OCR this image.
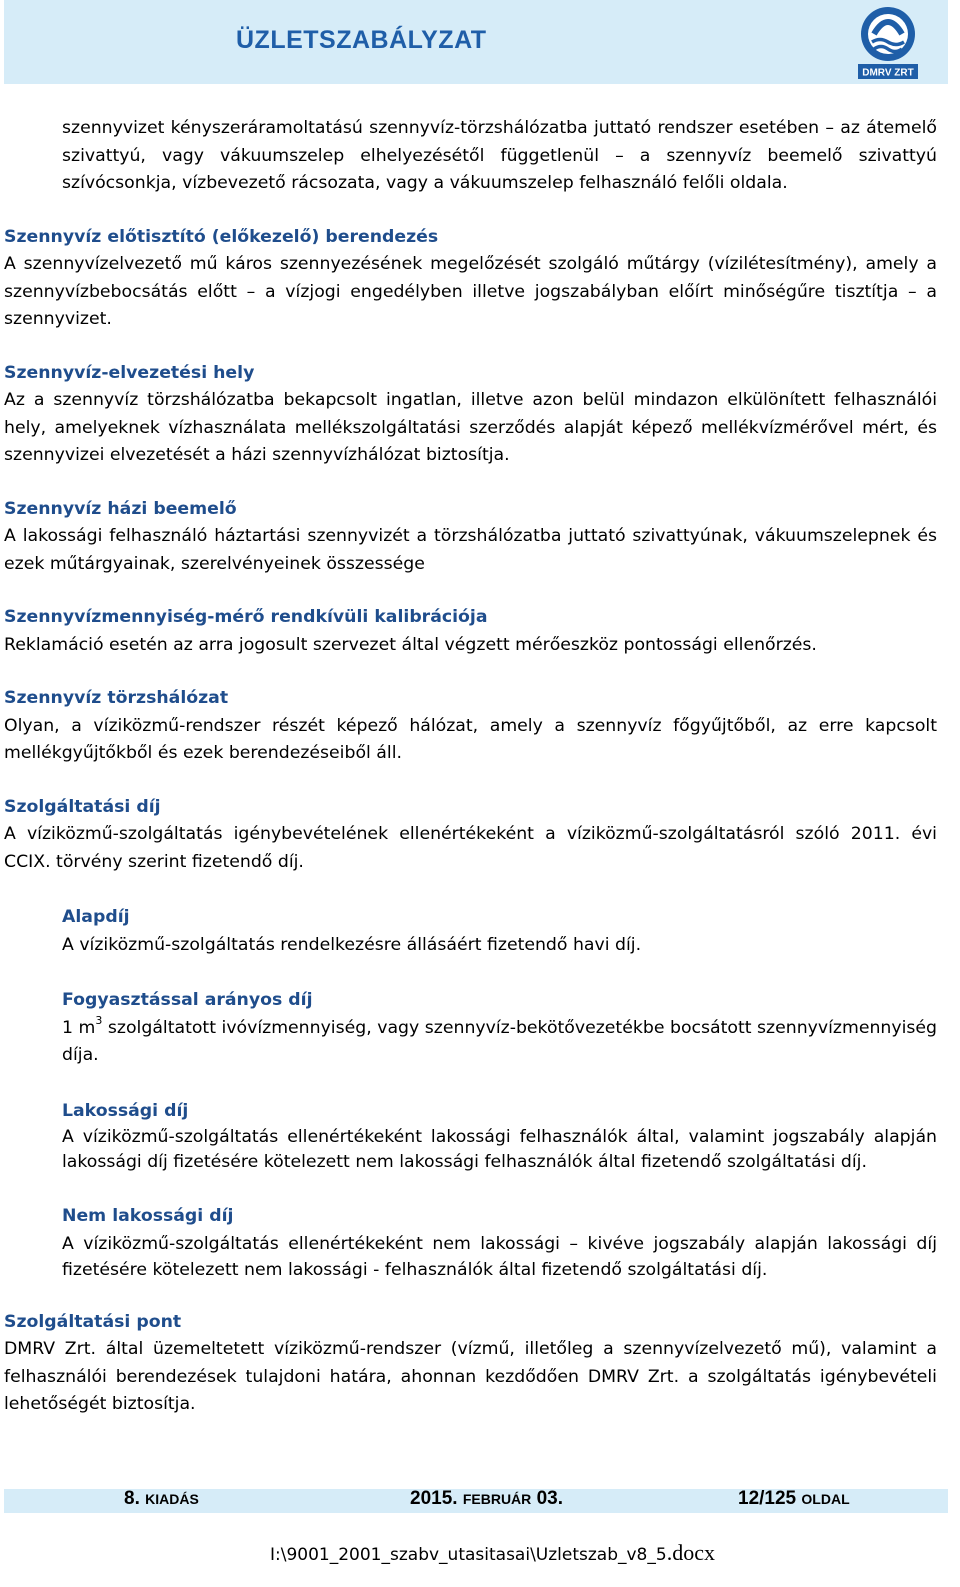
ÜZLETSZABÁLYZAT
DMRV ZRT

szennyvizet kényszeráramoltatású szennyvíz-törzshálózatba juttató rendszer esetében – az átemelő szivattyú, vagy vákuumszelep elhelyezésétől függetlenül – a szennyvíz beemelő szivattyú szívócsonkja, vízbevezető rácsozata, vagy a vákuumszelep felhasználó felőli oldala.

Szennyvíz előtisztító (előkezelő) berendezés

A szennyvízelvezető mű káros szennyezésének megelőzését szolgáló műtárgy (vízilétesítmény), amely a szennyvízbebocsátás előtt – a vízjogi engedélyben illetve jogszabályban előírt minőségűre tisztítja – a szennyvizet.

Szennyvíz-elvezetési hely

Az a szennyvíz törzshálózatba bekapcsolt ingatlan, illetve azon belül mindazon elkülönített felhasználói hely, amelyeknek vízhasználata mellékszolgáltatási szerződés alapját képező mellékvízmérővel mért, és szennyvizei elvezetését a házi szennyvízhálózat biztosítja.

Szennyvíz házi beemelő

A lakossági felhasználó háztartási szennyvizét a törzshálózatba juttató szivattyúnak, vákuumszelepnek és ezek műtárgyainak, szerelvényeinek összessége

Szennyvízmennyiség-mérő rendkívüli kalibrációja

Reklamáció esetén az arra jogosult szervezet által végzett mérőeszköz pontossági ellenőrzés.

Szennyvíz törzshálózat

Olyan, a víziközmű-rendszer részét képező hálózat, amely a szennyvíz főgyűjtőből, az erre kapcsolt mellékgyűjtőkből és ezek berendezéseiből áll.

Szolgáltatási díj

A víziközmű-szolgáltatás igénybevételének ellenértékeként a víziközmű-szolgáltatásról szóló 2011. évi CCIX. törvény szerint fizetendő díj.

Alapdíj

A víziközmű-szolgáltatás rendelkezésre állásáért fizetendő havi díj.

Fogyasztással arányos díj

1 $m^3$ szolgáltatott ivóvízmennyiség, vagy szennyvíz-bekötővezetékbe bocsátott szennyvízmennyiség díja.

Lakossági díj

A víziközmű-szolgáltatás ellenértékeként lakossági felhasználók által, valamint jogszabály alapján lakossági díj fizetésére kötelezett nem lakossági felhasználók által fizetendő szolgáltatási díj.

Nem lakossági díj

A víziközmű-szolgáltatás ellenértékeként nem lakossági – kivéve jogszabály alapján lakossági díj fizetésére kötelezett nem lakossági - felhasználók által fizetendő szolgáltatási díj.

Szolgáltatási pont

DMRV Zrt. által üzemeltetett víziközmű-rendszer (vízmű, illetőleg a szennyvízelvezető mű), valamint a felhasználói berendezések tulajdoni határa, ahonnan kezdődően DMRV Zrt. a szolgáltatás igénybevételi lehetőségét biztosítja.

8. KIADÁS	2015. FEBRUÁR 03.	12/125 OLDAL
I:\9001_2001_szabv_utasitasai\Uzletszab_v8_5.docx
